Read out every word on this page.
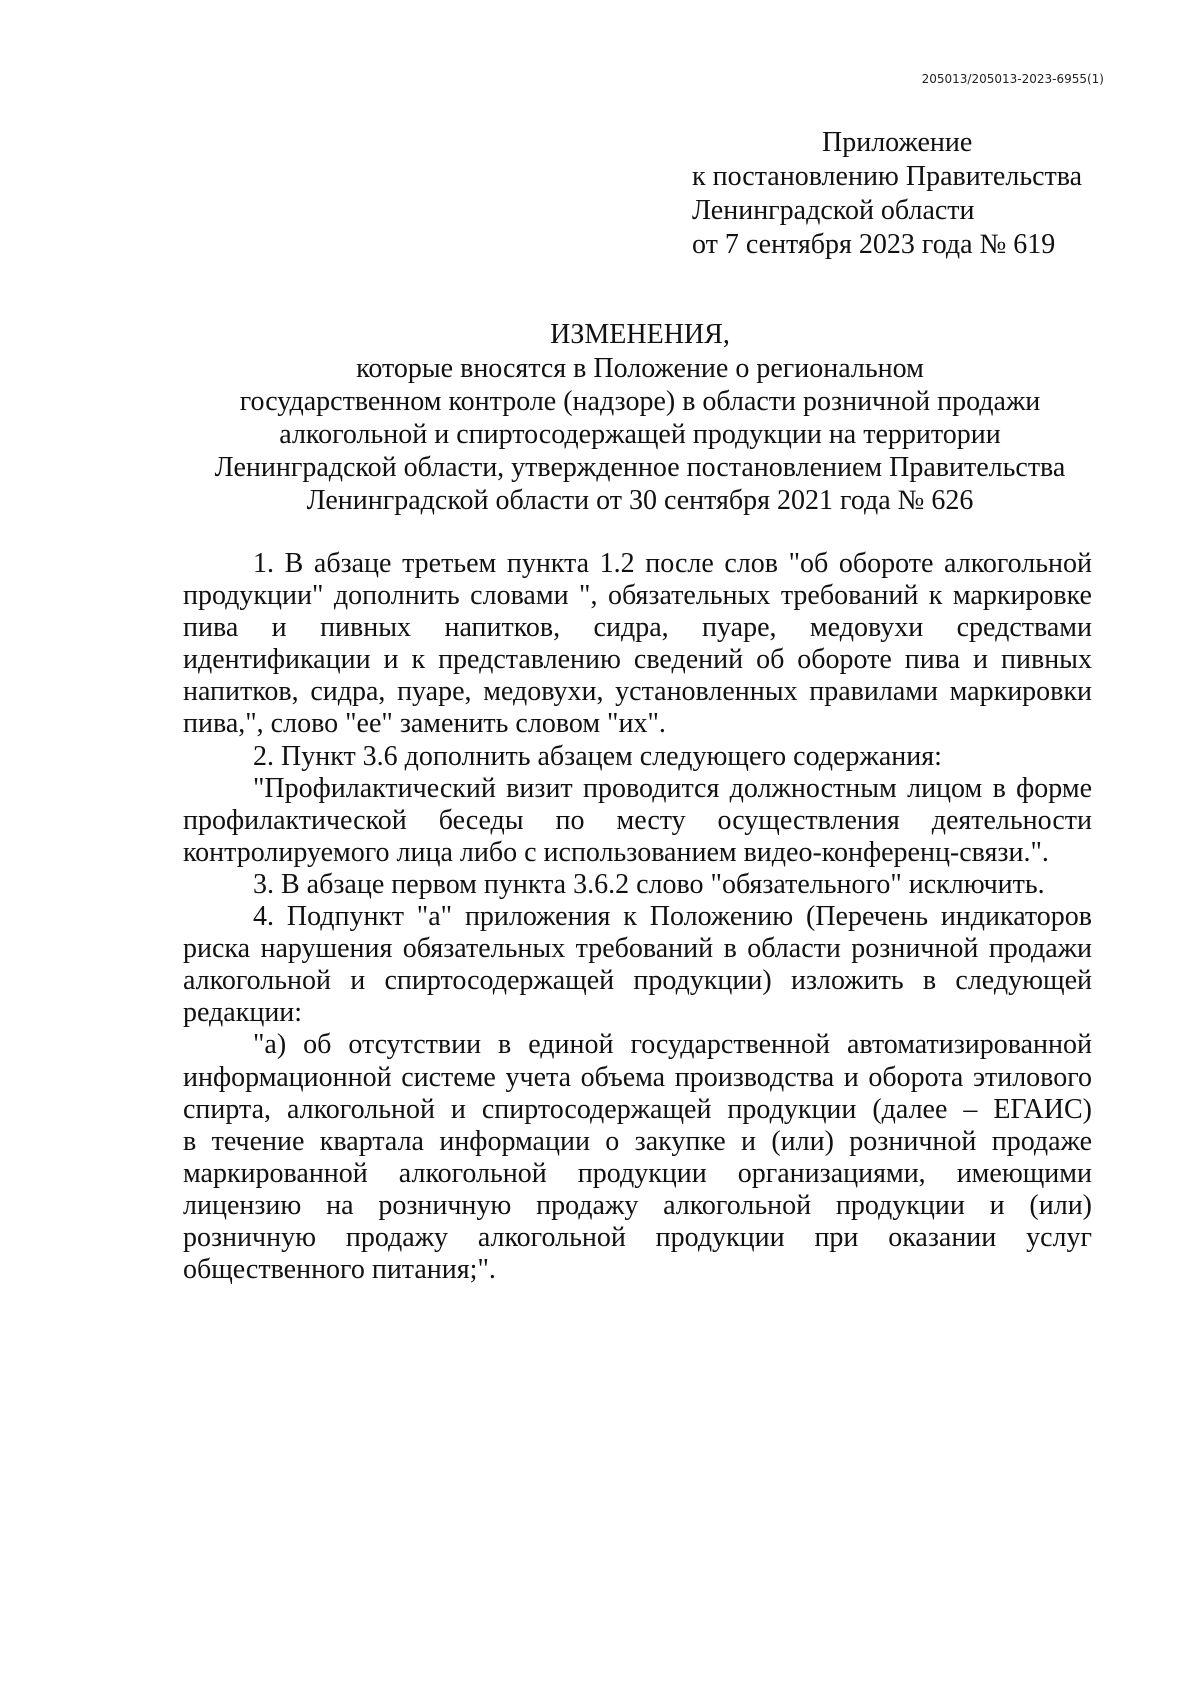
205013/205013-2023-6955(1)
Приложение
к постановлению Правительства
Ленинградской области
от 7 сентября 2023 года № 619
ИЗМЕНЕНИЯ,
которые вносятся в Положение о региональном
государственном контроле (надзоре) в области розничной продажи
алкогольной и спиртосодержащей продукции на территории
Ленинградской области, утвержденное постановлением Правительства
Ленинградской области от 30 сентября 2021 года № 626
1. В абзаце третьем пункта 1.2 после слов "об обороте алкогольной
продукции" дополнить словами ", обязательных требований к маркировке
пива и пивных напитков, сидра, пуаре, медовухи средствами
идентификации и к представлению сведений об обороте пива и пивных
напитков, сидра, пуаре, медовухи, установленных правилами маркировки
пива,", слово "ее" заменить словом "их".
2. Пункт 3.6 дополнить абзацем следующего содержания:
"Профилактический визит проводится должностным лицом в форме
профилактической беседы по месту осуществления деятельности
контролируемого лица либо с использованием видео-конференц-связи.".
3. В абзаце первом пункта 3.6.2 слово "обязательного" исключить.
4. Подпункт "а" приложения к Положению (Перечень индикаторов
риска нарушения обязательных требований в области розничной продажи
алкогольной и спиртосодержащей продукции) изложить в следующей
редакции:
"а) об отсутствии в единой государственной автоматизированной
информационной системе учета объема производства и оборота этилового
спирта, алкогольной и спиртосодержащей продукции (далее – ЕГАИС)
в течение квартала информации о закупке и (или) розничной продаже
маркированной алкогольной продукции организациями, имеющими
лицензию на розничную продажу алкогольной продукции и (или)
розничную продажу алкогольной продукции при оказании услуг
общественного питания;".
